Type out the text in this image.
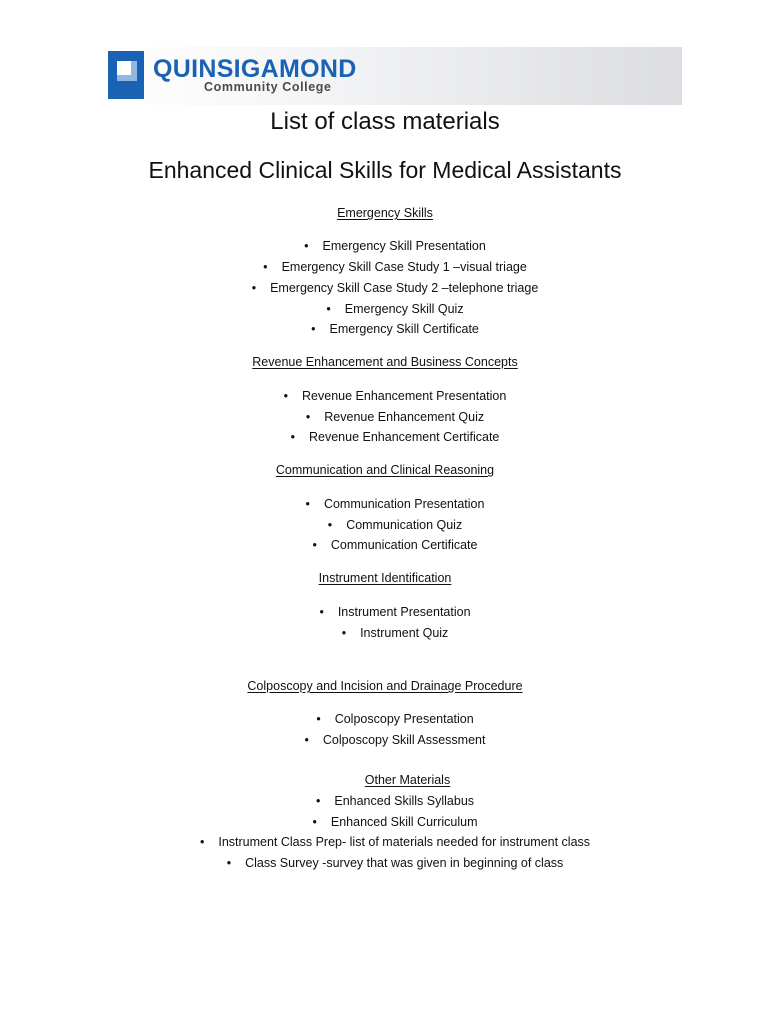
QUINSIGAMOND
Community College
List of class materials
Enhanced Clinical Skills for Medical Assistants
Emergency Skills
• Emergency Skill Presentation
• Emergency Skill Case Study 1 –visual triage
• Emergency Skill Case Study 2 –telephone triage
• Emergency Skill Quiz
• Emergency Skill Certificate
Revenue Enhancement and Business Concepts
• Revenue Enhancement Presentation
• Revenue Enhancement Quiz
• Revenue Enhancement Certificate
Communication and Clinical Reasoning
• Communication Presentation
• Communication Quiz
• Communication Certificate
Instrument Identification
• Instrument Presentation
• Instrument Quiz
Colposcopy and Incision and Drainage Procedure
• Colposcopy Presentation
• Colposcopy Skill Assessment
Other Materials
• Enhanced Skills Syllabus
• Enhanced Skill Curriculum
• Instrument Class Prep- list of materials needed for instrument class
• Class Survey -survey that was given in beginning of class
